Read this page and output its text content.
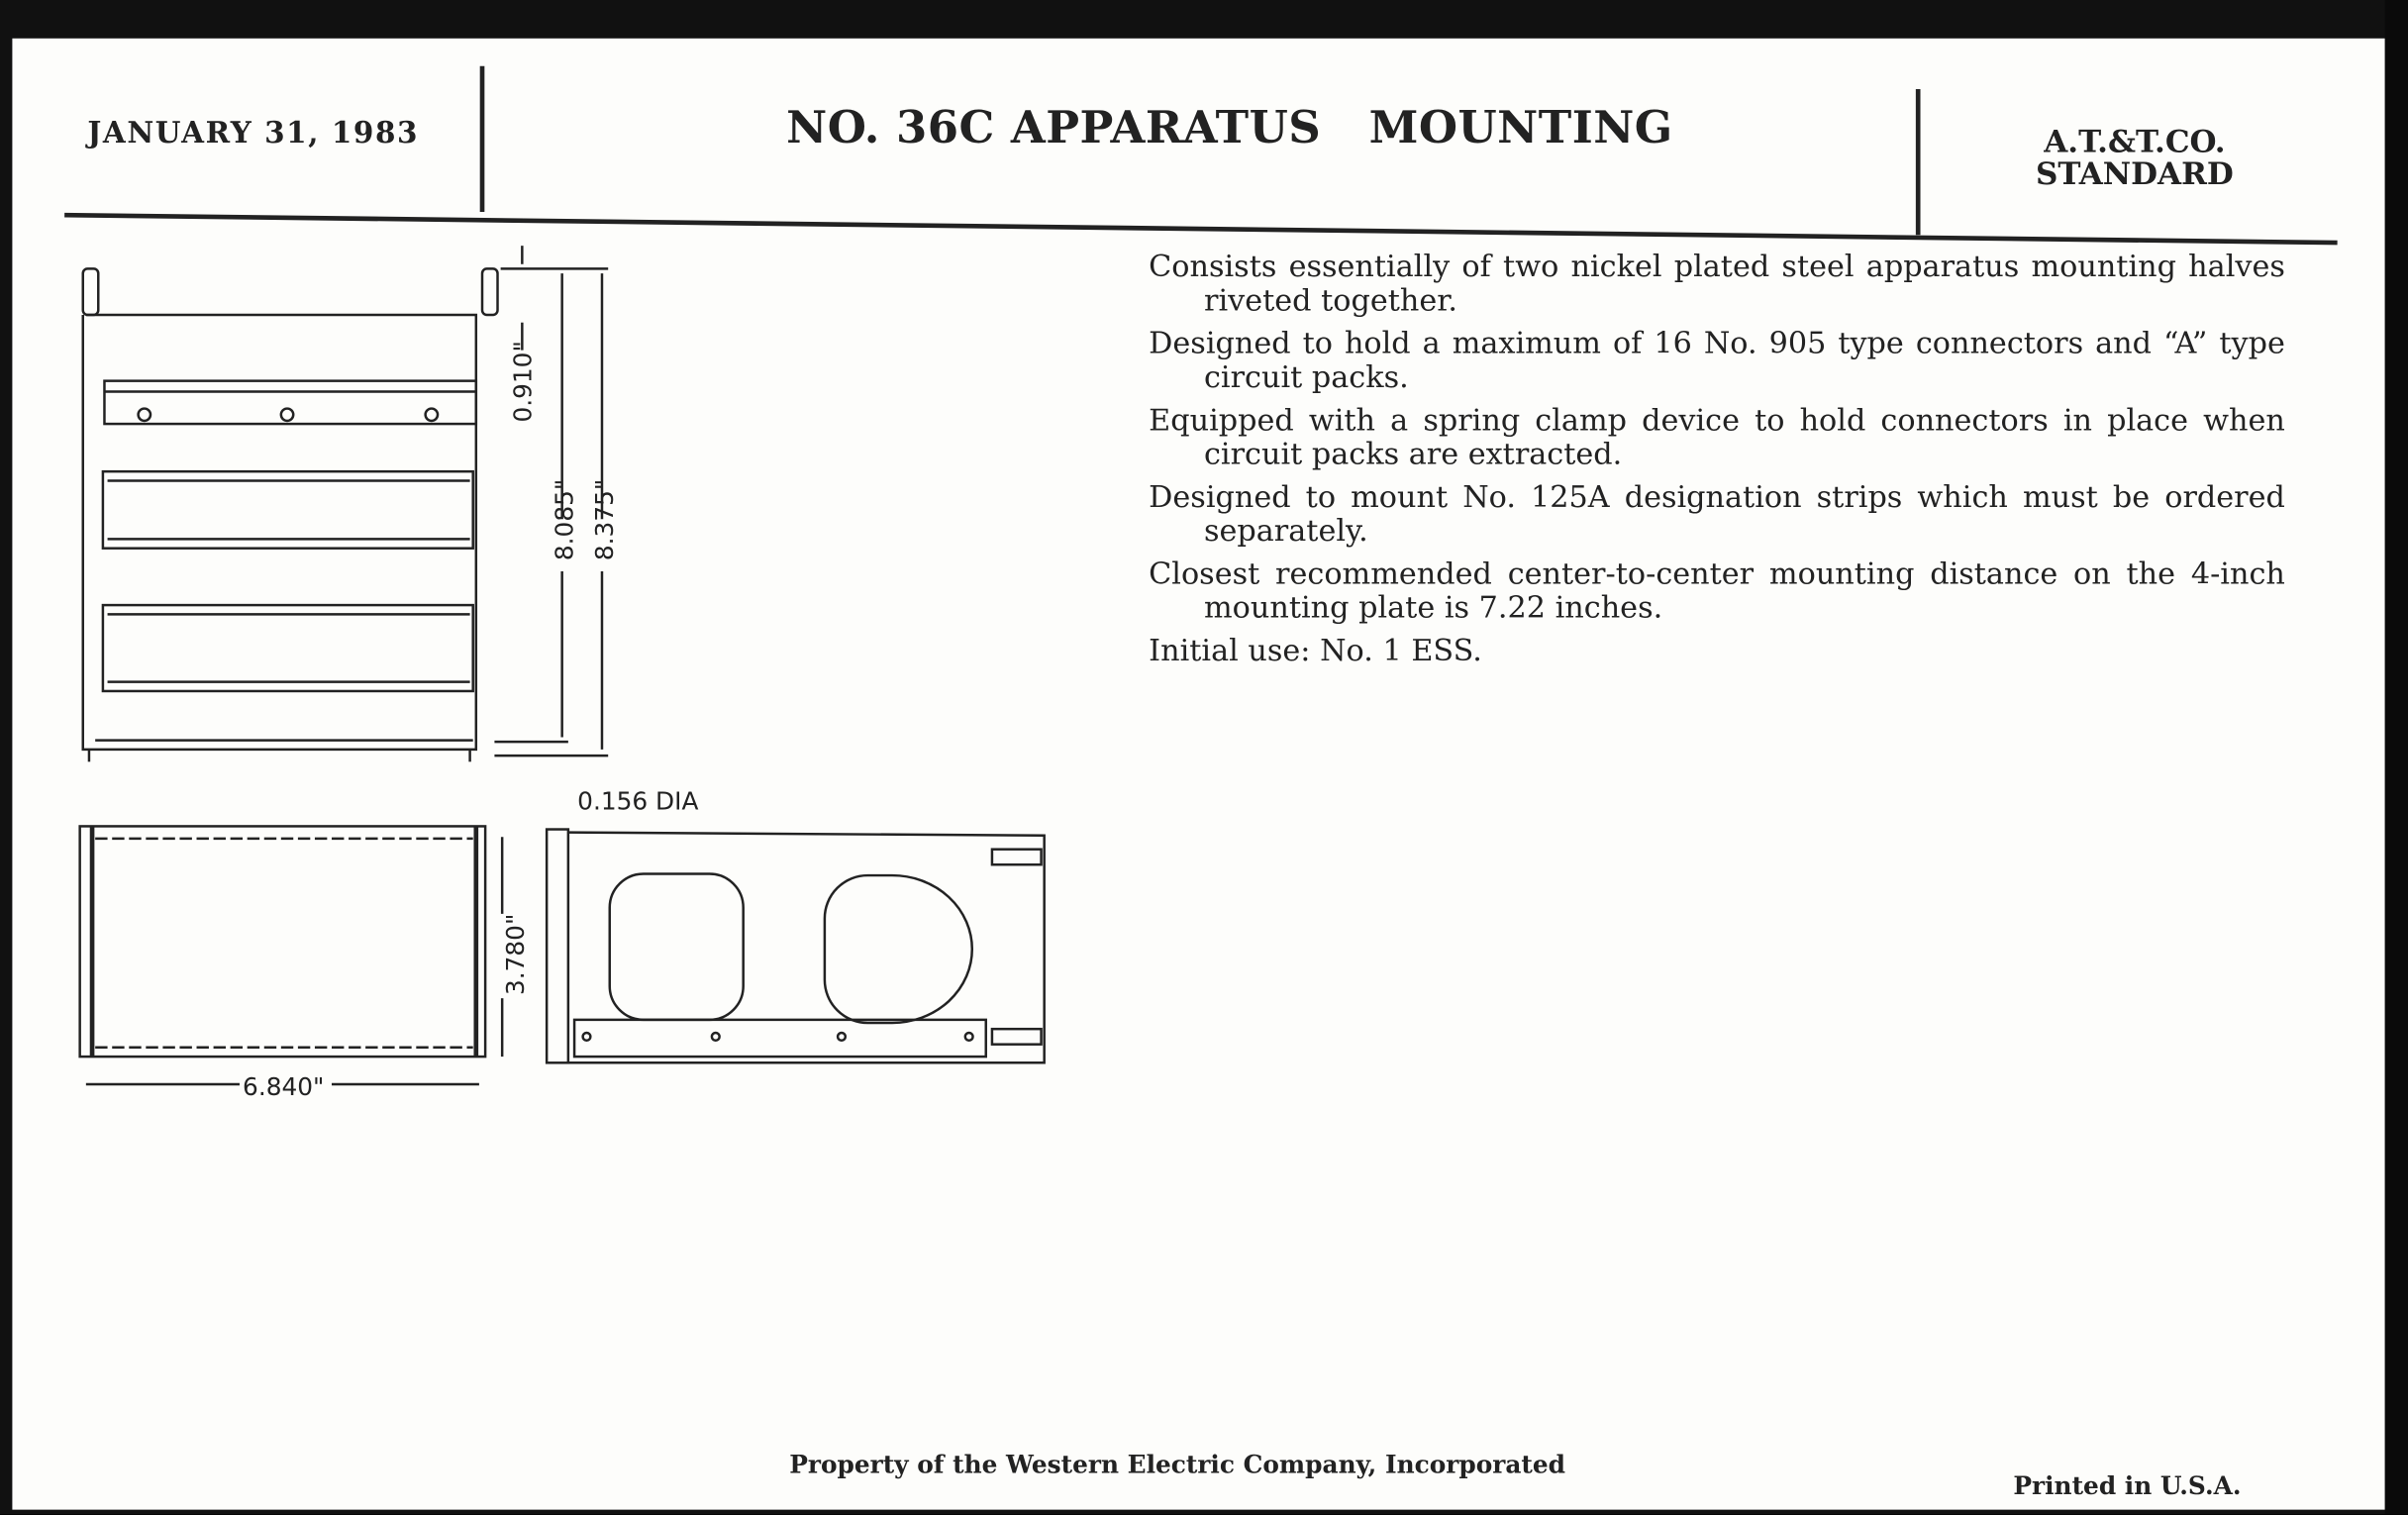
0.910"
8.085" 8.375"
3.780"
6.840"
0.156 DIA
JANUARY 31, 1983	NO. 36C APPARATUS   MOUNTING	A.T.&T.CO.
STANDARD

Consists essentially of two nickel plated steel apparatus mounting halves riveted together.

Designed to hold a maximum of 16 No. 905 type connectors and “A” type circuit packs.

Equipped with a spring clamp device to hold connectors in place when circuit packs are extracted.

Designed to mount No. 125A designation strips which must be ordered separately.

Closest recommended center-to-center mounting distance on the 4-inch mounting plate is 7.22 inches.

Initial use: No. 1 ESS.

Property of the Western Electric Company, Incorporated
Printed in U.S.A.
